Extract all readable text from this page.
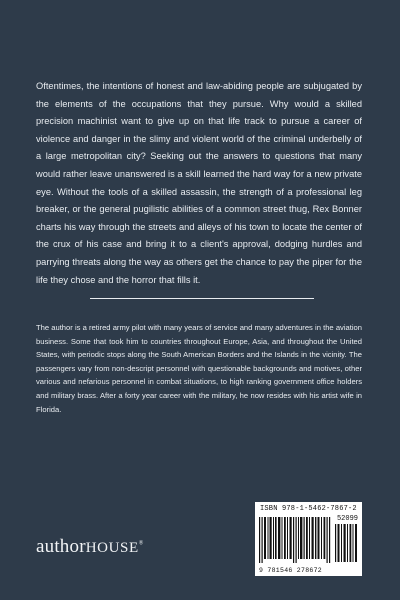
Oftentimes, the intentions of honest and law-abiding people are subjugated by the elements of the occupations that they pursue. Why would a skilled precision machinist want to give up on that life track to pursue a career of violence and danger in the slimy and violent world of the criminal underbelly of a large metropolitan city? Seeking out the answers to questions that many would rather leave unanswered is a skill learned the hard way for a new private eye. Without the tools of a skilled assassin, the strength of a professional leg breaker, or the general pugilistic abilities of a common street thug, Rex Bonner charts his way through the streets and alleys of his town to locate the center of the crux of his case and bring it to a client's approval, dodging hurdles and parrying threats along the way as others get the chance to pay the piper for the life they chose and the horror that fills it.

The author is a retired army pilot with many years of service and many adventures in the aviation business. Some that took him to countries throughout Europe, Asia, and throughout the United States, with periodic stops along the South American Borders and the Islands in the vicinity. The passengers vary from non-descript personnel with questionable backgrounds and motives, other various and nefarious personnel in combat situations, to high ranking government office holders and military brass. After a forty year career with the military, he now resides with his artist wife in Florida.

ISBN 978-1-5462-7867-2
52099
9 781546 278672
authorHOUSE®
